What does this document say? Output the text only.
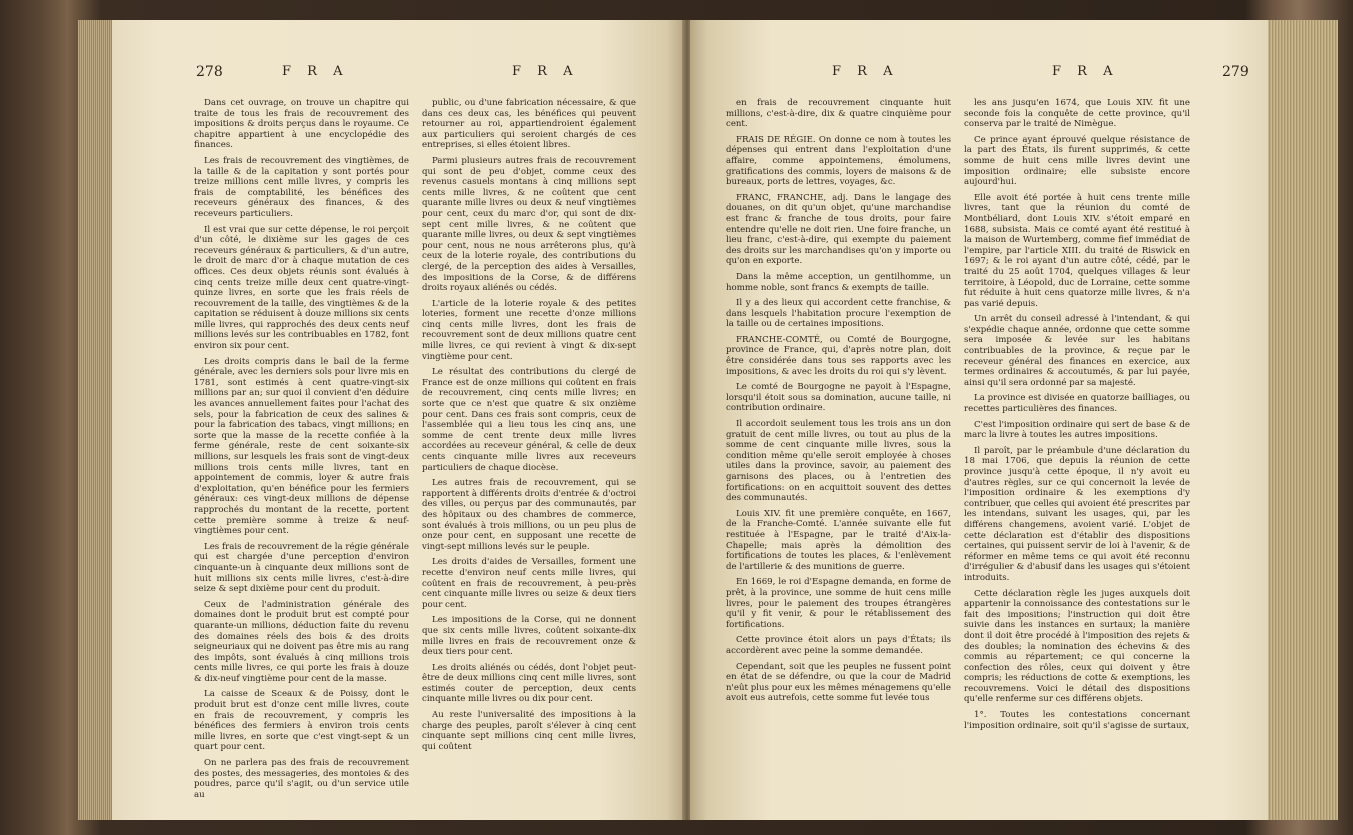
278	F R A	F R A

Dans cet ouvrage, on trouve un chapitre qui traite de tous les frais de recouvrement des impositions & droits perçus dans le royaume. Ce chapitre appartient à une encyclopédie des finances.

Les frais de recouvrement des vingtièmes, de la taille & de la capitation y sont portés pour treize millions cent mille livres, y compris les frais de comptabilité, les bénéfices des receveurs généraux des finances, & des receveurs particuliers.

Il est vrai que sur cette dépense, le roi perçoit d'un côté, le dixième sur les gages de ces receveurs généraux & particuliers, & d'un autre, le droit de marc d'or à chaque mutation de ces offices. Ces deux objets réunis sont évalués à cinq cents treize mille deux cent quatre-vingt-quinze livres, en sorte que les frais réels de recouvrement de la taille, des vingtièmes & de la capitation se réduisent à douze millions six cents mille livres, qui rapprochés des deux cents neuf millions levés sur les contribuables en 1782, font environ six pour cent.

Les droits compris dans le bail de la ferme générale, avec les derniers sols pour livre mis en 1781, sont estimés à cent quatre-vingt-six millions par an; sur quoi il convient d'en déduire les avances annuellement faites pour l'achat des sels, pour la fabrication de ceux des salines & pour la fabrication des tabacs, vingt millions; en sorte que la masse de la recette confiée à la ferme générale, reste de cent soixante-six millions, sur lesquels les frais sont de vingt-deux millions trois cents mille livres, tant en appointement de commis, loyer & autre frais d'exploitation, qu'en bénéfice pour les fermiers généraux: ces vingt-deux millions de dépense rapprochés du montant de la recette, portent cette première somme à treize & neuf-vingtièmes pour cent.

Les frais de recouvrement de la régie générale qui est chargée d'une perception d'environ cinquante-un à cinquante deux millions sont de huit millions six cents mille livres, c'est-à-dire seize & sept dixième pour cent du produit.

Ceux de l'administration générale des domaines dont le produit brut est compté pour quarante-un millions, déduction faite du revenu des domaines réels des bois & des droits seigneuriaux qui ne doivent pas être mis au rang des impôts, sont évalués à cinq millions trois cents mille livres, ce qui porte les frais à douze & dix-neuf vingtième pour cent de la masse.

La caisse de Sceaux & de Poissy, dont le produit brut est d'onze cent mille livres, coute en frais de recouvrement, y compris les bénéfices des fermiers à environ trois cents mille livres, en sorte que c'est vingt-sept & un quart pour cent.

On ne parlera pas des frais de recouvrement des postes, des messageries, des montoies & des poudres, parce qu'il s'agit, ou d'un service utile au

public, ou d'une fabrication nécessaire, & que dans ces deux cas, les bénéfices qui peuvent retourner au roi, appartiendroient également aux particuliers qui seroient chargés de ces entreprises, si elles étoient libres.

Parmi plusieurs autres frais de recouvrement qui sont de peu d'objet, comme ceux des revenus casuels montans à cinq millions sept cents mille livres, & ne coûtent que cent quarante mille livres ou deux & neuf vingtièmes pour cent, ceux du marc d'or, qui sont de dix-sept cent mille livres, & ne coûtent que quarante mille livres, ou deux & sept vingtièmes pour cent, nous ne nous arrêterons plus, qu'à ceux de la loterie royale, des contributions du clergé, de la perception des aides à Versailles, des impositions de la Corse, & de différens droits royaux aliénés ou cédés.

L'article de la loterie royale & des petites loteries, forment une recette d'onze millions cinq cents mille livres, dont les frais de recouvrement sont de deux millions quatre cent mille livres, ce qui revient à vingt & dix-sept vingtième pour cent.

Le résultat des contributions du clergé de France est de onze millions qui coûtent en frais de recouvrement, cinq cents mille livres; en sorte que ce n'est que quatre & six onzième pour cent. Dans ces frais sont compris, ceux de l'assemblée qui a lieu tous les cinq ans, une somme de cent trente deux mille livres accordées au receveur général, & celle de deux cents cinquante mille livres aux receveurs particuliers de chaque diocèse.

Les autres frais de recouvrement, qui se rapportent à différents droits d'entrée & d'octroi des villes, ou perçus par des communautés, par des hôpitaux ou des chambres de commerce, sont évalués à trois millions, ou un peu plus de onze pour cent, en supposant une recette de vingt-sept millions levés sur le peuple.

Les droits d'aides de Versailles, forment une recette d'environ neuf cents mille livres, qui coûtent en frais de recouvrement, à peu-près cent cinquante mille livres ou seize & deux tiers pour cent.

Les impositions de la Corse, qui ne donnent que six cents mille livres, coûtent soixante-dix mille livres en frais de recouvrement onze & deux tiers pour cent.

Les droits aliénés ou cédés, dont l'objet peut-être de deux millions cinq cent mille livres, sont estimés couter de perception, deux cents cinquante mille livres ou dix pour cent.

Au reste l'universalité des impositions à la charge des peuples, paroît s'élever à cinq cent cinquante sept millions cinq cent mille livres, qui coûtent

F R A	F R A	279

en frais de recouvrement cinquante huit millions, c'est-à-dire, dix & quatre cinquième pour cent.

FRAIS DE RÉGIE. On donne ce nom à toutes les dépenses qui entrent dans l'exploitation d'une affaire, comme appointemens, émolumens, gratifications des commis, loyers de maisons & de bureaux, ports de lettres, voyages, &c.

FRANC, FRANCHE, adj. Dans le langage des douanes, on dit qu'un objet, qu'une marchandise est franc & franche de tous droits, pour faire entendre qu'elle ne doit rien. Une foire franche, un lieu franc, c'est-à-dire, qui exempte du paiement des droits sur les marchandises qu'on y importe ou qu'on en exporte.

Dans la même acception, un gentilhomme, un homme noble, sont francs & exempts de taille.

Il y a des lieux qui accordent cette franchise, & dans lesquels l'habitation procure l'exemption de la taille ou de certaines impositions.

FRANCHE-COMTÉ, ou Comté de Bourgogne, province de France, qui, d'après notre plan, doit être considérée dans tous ses rapports avec les impositions, & avec les droits du roi qui s'y lèvent.

Le comté de Bourgogne ne payoit à l'Espagne, lorsqu'il étoit sous sa domination, aucune taille, ni contribution ordinaire.

Il accordoit seulement tous les trois ans un don gratuit de cent mille livres, ou tout au plus de la somme de cent cinquante mille livres, sous la condition même qu'elle seroit employée à choses utiles dans la province, savoir, au paiement des garnisons des places, ou à l'entretien des fortifications: on en acquittoit souvent des dettes des communautés.

Louis XIV. fit une première conquête, en 1667, de la Franche-Comté. L'année suivante elle fut restituée à l'Espagne, par le traité d'Aix-la-Chapelle; mais après la démolition des fortifications de toutes les places, & l'enlèvement de l'artillerie & des munitions de guerre.

En 1669, le roi d'Espagne demanda, en forme de prêt, à la province, une somme de huit cens mille livres, pour le paiement des troupes étrangères qu'il y fit venir, & pour le rétablissement des fortifications.

Cette province étoit alors un pays d'États; ils accordèrent avec peine la somme demandée.

Cependant, soit que les peuples ne fussent point en état de se défendre, ou que la cour de Madrid n'eût plus pour eux les mêmes ménagemens qu'elle avoit eus autrefois, cette somme fut levée tous

les ans jusqu'en 1674, que Louis XIV. fit une seconde fois la conquête de cette province, qu'il conserva par le traité de Nimègue.

Ce prince ayant éprouvé quelque résistance de la part des États, ils furent supprimés, & cette somme de huit cens mille livres devint une imposition ordinaire; elle subsiste encore aujourd'hui.

Elle avoit été portée à huit cens trente mille livres, tant que la réunion du comté de Montbéliard, dont Louis XIV. s'étoit emparé en 1688, subsista. Mais ce comté ayant été restitué à la maison de Wurtemberg, comme fief immédiat de l'empire, par l'article XIII. du traité de Riswick en 1697; & le roi ayant d'un autre côté, cédé, par le traité du 25 août 1704, quelques villages & leur territoire, à Léopold, duc de Lorraine, cette somme fut réduite à huit cens quatorze mille livres, & n'a pas varié depuis.

Un arrêt du conseil adressé à l'intendant, & qui s'expédie chaque année, ordonne que cette somme sera imposée & levée sur les habitans contribuables de la province, & reçue par le receveur général des finances en exercice, aux termes ordinaires & accoutumés, & par lui payée, ainsi qu'il sera ordonné par sa majesté.

La province est divisée en quatorze bailliages, ou recettes particulières des finances.

C'est l'imposition ordinaire qui sert de base & de marc la livre à toutes les autres impositions.

Il paroît, par le préambule d'une déclaration du 18 mai 1706, que depuis la réunion de cette province jusqu'à cette époque, il n'y avoit eu d'autres règles, sur ce qui concernoit la levée de l'imposition ordinaire & les exemptions d'y contribuer, que celles qui avoient été prescrites par les intendans, suivant les usages, qui, par les différens changemens, avoient varié. L'objet de cette déclaration est d'établir des dispositions certaines, qui puissent servir de loi à l'avenir, & de réformer en même tems ce qui avoit été reconnu d'irrégulier & d'abusif dans les usages qui s'étoient introduits.

Cette déclaration règle les juges auxquels doit appartenir la connoissance des contestations sur le fait des impositions; l'instruction qui doit être suivie dans les instances en surtaux; la manière dont il doit être procédé à l'imposition des rejets & des doubles; la nomination des échevins & des commis au répartement; ce qui concerne la confection des rôles, ceux qui doivent y être compris; les réductions de cotte & exemptions, les recouvremens. Voici le détail des dispositions qu'elle renferme sur ces différens objets.

1°. Toutes les contestations concernant l'imposition ordinaire, soit qu'il s'agisse de surtaux,
